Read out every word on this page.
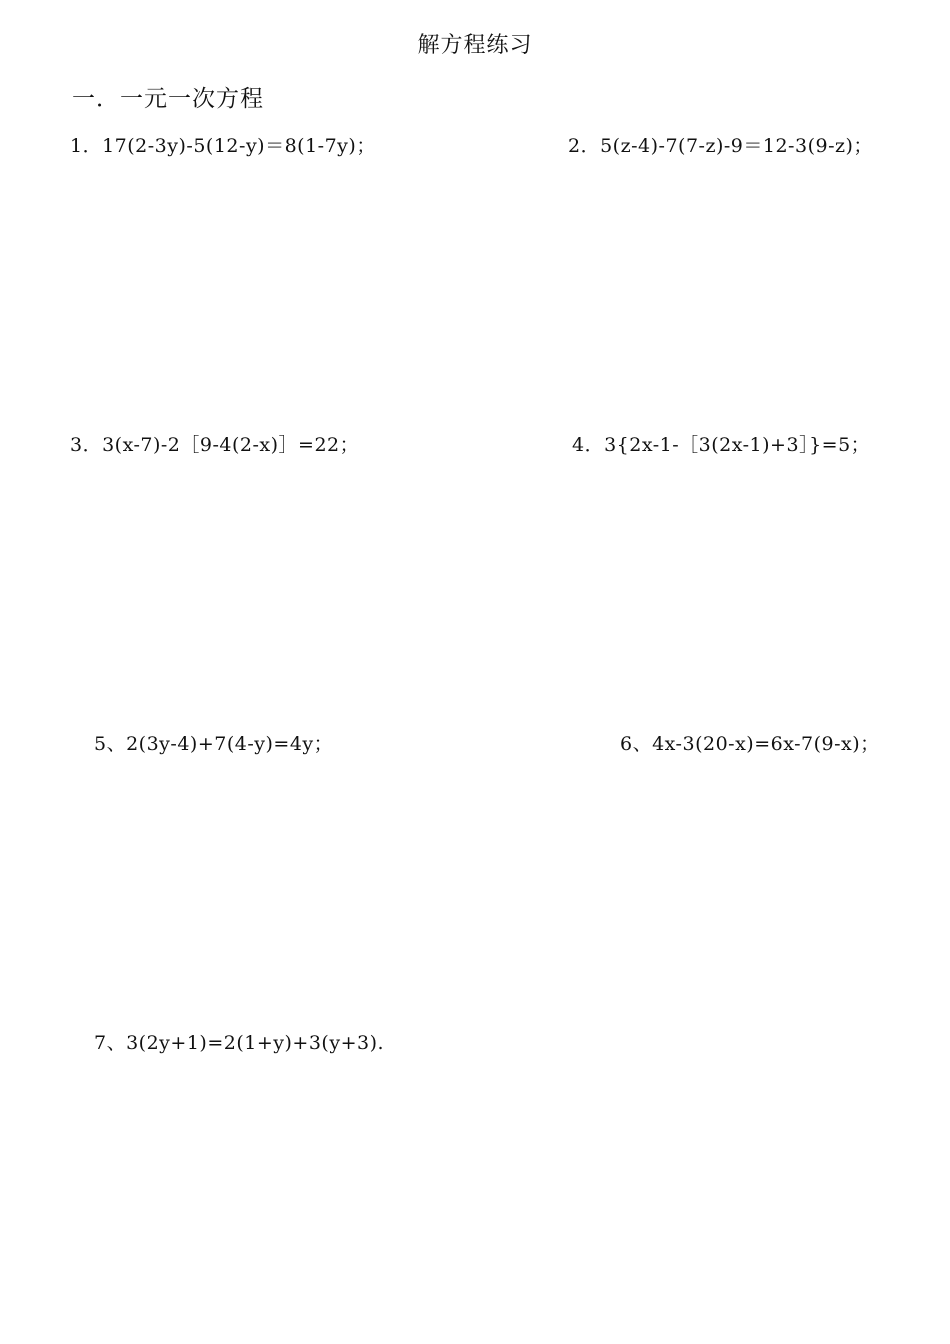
解方程练习
一．一元一次方程
1．17(2-3y)-5(12-y)＝8(1-7y)；	2．5(z-4)-7(7-z)-9＝12-3(9-z)；
3．3(x-7)-2［9-4(2-x)］=22；	4．3{2x-1-［3(2x-1)+3］}=5；
5、2(3y-4)+7(4-y)=4y；	6、4x-3(20-x)=6x-7(9-x)；
7、3(2y+1)=2(1+y)+3(y+3).
